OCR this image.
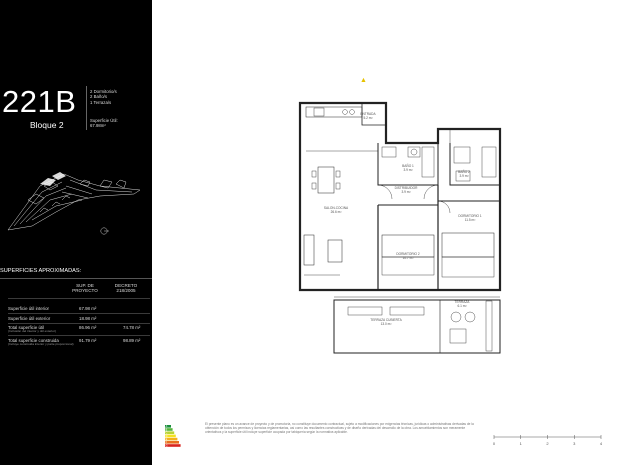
221B
Bloque 2
2 Dormitorio/s
2 Baño/s
1 Terraza/s
Superficie Útil:
67.98m²
SUPERFICIES APROXIMADAS:
SUP. DE
PROYECTO
DECRETO
218/2005
Superficie útil interior	67.98 m²
Superficie útil exterior	18.98 m²
Total superficie útil
(Inclusión del interior y útil exterior)
86.96 m²	74.78 m²
Total superficie construida
(Incluye construida interior y parte proporcional)
91.79 m²	98.89 m²
▲
ENTRADA
5.2 m²
BAÑO 1
3.9 m²	BAÑO 2
3.9 m²
DISTRIBUIDOR
3.9 m²
SALON-COCINA
26.6 m²
DORMITORIO 1
11.5 m²
DORMITORIO 2
10.7 m²
TERRAZA CUBIERTA
13.0 m²
TERRAZA
6.1 m²
A
B
C
D
E
F
G
El presente plano es un avance de proyecto y de promotoria, no constituye documento contractual, sujeto a modificaciones por exigencias técnicas, jurídicas o administrativas derivadas de la obtención de todos los permisos y licencias reglamentarias, así como las resultantes constructivas y de diseño derivadas del desarrollo de la obra. Los amueblamientos son meramente orientativos y la superficie útil incluye superficie ocupada por tabiquería según la normativa aplicable.
0	1	2	3	4
